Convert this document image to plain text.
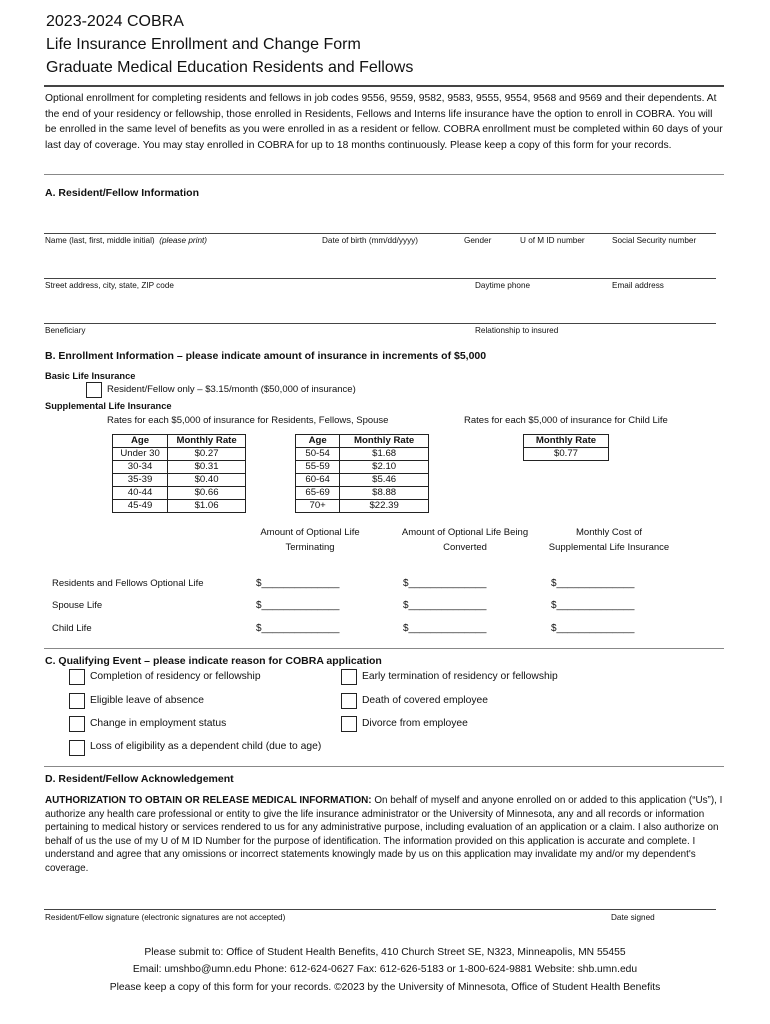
2023-2024 COBRA
Life Insurance Enrollment and Change Form
Graduate Medical Education Residents and Fellows
Optional enrollment for completing residents and fellows in job codes 9556, 9559, 9582, 9583, 9555, 9554, 9568 and 9569 and their dependents. At the end of your residency or fellowship, those enrolled in Residents, Fellows and Interns life insurance have the option to enroll in COBRA. You will be enrolled in the same level of benefits as you were enrolled in as a resident or fellow. COBRA enrollment must be completed within 60 days of your last day of coverage. You may stay enrolled in COBRA for up to 18 months continuously. Please keep a copy of this form for your records.
A. Resident/Fellow Information
Name (last, first, middle initial) (please print)	Date of birth (mm/dd/yyyy)	Gender	U of M ID number	Social Security number
Street address, city, state, ZIP code	Daytime phone	Email address
Beneficiary	Relationship to insured
B. Enrollment Information – please indicate amount of insurance in increments of $5,000
Basic Life Insurance
Resident/Fellow only – $3.15/month ($50,000 of insurance)
Supplemental Life Insurance
Rates for each $5,000 of insurance for Residents, Fellows, Spouse	Rates for each $5,000 of insurance for Child Life
Age	Monthly Rate
Under 30	$0.27
30-34	$0.31
35-39	$0.40
40-44	$0.66
45-49	$1.06
Age	Monthly Rate
50-54	$1.68
55-59	$2.10
60-64	$5.46
65-69	$8.88
70+	$22.39
Monthly Rate
$0.77
Amount of Optional Life
Terminating
Amount of Optional Life Being
Converted
Monthly Cost of
Supplemental Life Insurance
Residents and Fellows Optional Life	$______________	$______________	$______________
Spouse Life	$______________	$______________	$______________
Child Life	$______________	$______________	$______________
C. Qualifying Event – please indicate reason for COBRA application
Completion of residency or fellowship	Early termination of residency or fellowship
Eligible leave of absence	Death of covered employee
Change in employment status	Divorce from employee
Loss of eligibility as a dependent child (due to age)
D. Resident/Fellow Acknowledgement
AUTHORIZATION TO OBTAIN OR RELEASE MEDICAL INFORMATION: On behalf of myself and anyone enrolled on or added to this application (“Us”), I authorize any health care professional or entity to give the life insurance administrator or the University of Minnesota, any and all records or information pertaining to medical history or services rendered to us for any administrative purpose, including evaluation of an application or a claim. I also authorize on behalf of us the use of my U of M ID Number for the purpose of identification. The information provided on this application is accurate and complete. I understand and agree that any omissions or incorrect statements knowingly made by us on this application may invalidate my and/or my dependent's coverage.
Resident/Fellow signature (electronic signatures are not accepted)	Date signed
Please submit to: Office of Student Health Benefits, 410 Church Street SE, N323, Minneapolis, MN 55455
Email: umshbo@umn.edu Phone: 612-624-0627 Fax: 612-626-5183 or 1-800-624-9881 Website: shb.umn.edu
Please keep a copy of this form for your records. ©2023 by the University of Minnesota, Office of Student Health Benefits
